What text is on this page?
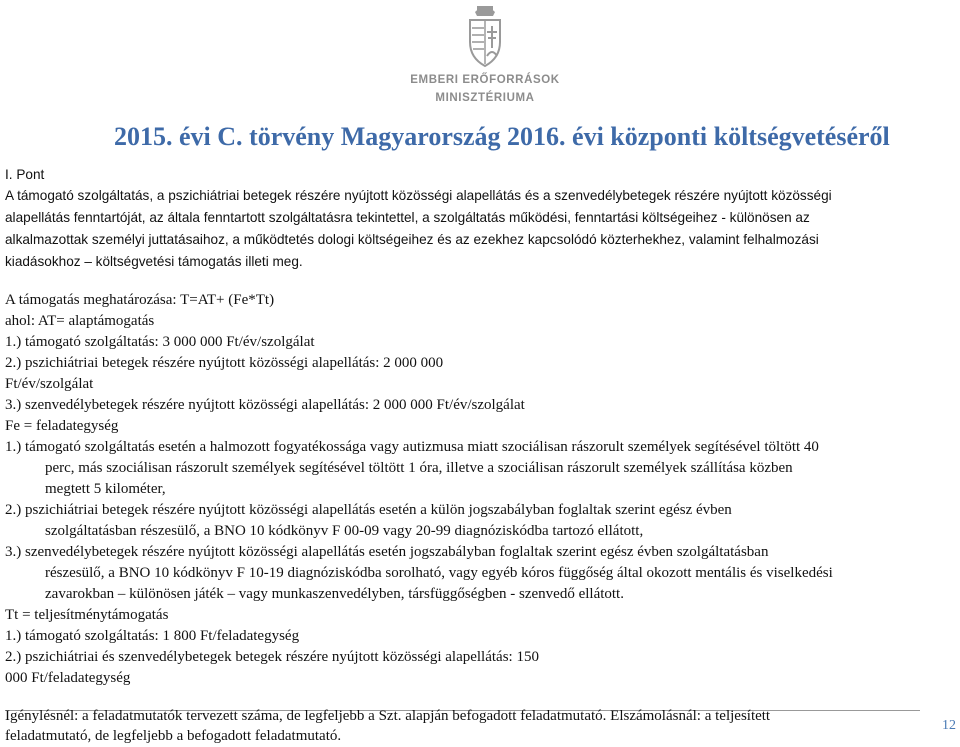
EMBERI ERŐFORRÁSOK
MINISZTÉRIUMA
2015. évi C. törvény Magyarország 2016. évi központi költségvetéséről
I. Pont
A támogató szolgáltatás, a pszichiátriai betegek részére nyújtott közösségi alapellátás és a szenvedélybetegek részére nyújtott közösségi
alapellátás fenntartóját, az általa fenntartott szolgáltatásra tekintettel, a szolgáltatás működési, fenntartási költségeihez - különösen az
alkalmazottak személyi juttatásaihoz, a működtetés dologi költségeihez és az ezekhez kapcsolódó közterhekhez, valamint felhalmozási
kiadásokhoz – költségvetési támogatás illeti meg.
A támogatás meghatározása: T=AT+ (Fe*Tt)
ahol: AT= alaptámogatás
1.) támogató szolgáltatás: 3 000 000 Ft/év/szolgálat
2.) pszichiátriai betegek részére nyújtott közösségi alapellátás: 2 000 000
Ft/év/szolgálat
3.) szenvedélybetegek részére nyújtott közösségi alapellátás: 2 000 000 Ft/év/szolgálat
Fe = feladategység
1.) támogató szolgáltatás esetén a halmozott fogyatékossága vagy autizmusa miatt szociálisan rászorult személyek segítésével töltött 40
perc, más szociálisan rászorult személyek segítésével töltött 1 óra, illetve a szociálisan rászorult személyek szállítása közben
megtett 5 kilométer,
2.) pszichiátriai betegek részére nyújtott közösségi alapellátás esetén a külön jogszabályban foglaltak szerint egész évben
szolgáltatásban részesülő, a BNO 10 kódkönyv F 00-09 vagy 20-99 diagnóziskódba tartozó ellátott,
3.) szenvedélybetegek részére nyújtott közösségi alapellátás esetén jogszabályban foglaltak szerint egész évben szolgáltatásban
részesülő, a BNO 10 kódkönyv F 10-19 diagnóziskódba sorolható, vagy egyéb kóros függőség által okozott mentális és viselkedési
zavarokban – különösen játék – vagy munkaszenvedélyben, társfüggőségben - szenvedő ellátott.
Tt = teljesítménytámogatás
1.) támogató szolgáltatás: 1 800 Ft/feladategység
2.) pszichiátriai és szenvedélybetegek betegek részére nyújtott közösségi alapellátás: 150
000 Ft/feladategység
Igénylésnél: a feladatmutatók tervezett száma, de legfeljebb a Szt. alapján befogadott feladatmutató. Elszámolásnál: a teljesített
feladatmutató, de legfeljebb a befogadott feladatmutató.
12
